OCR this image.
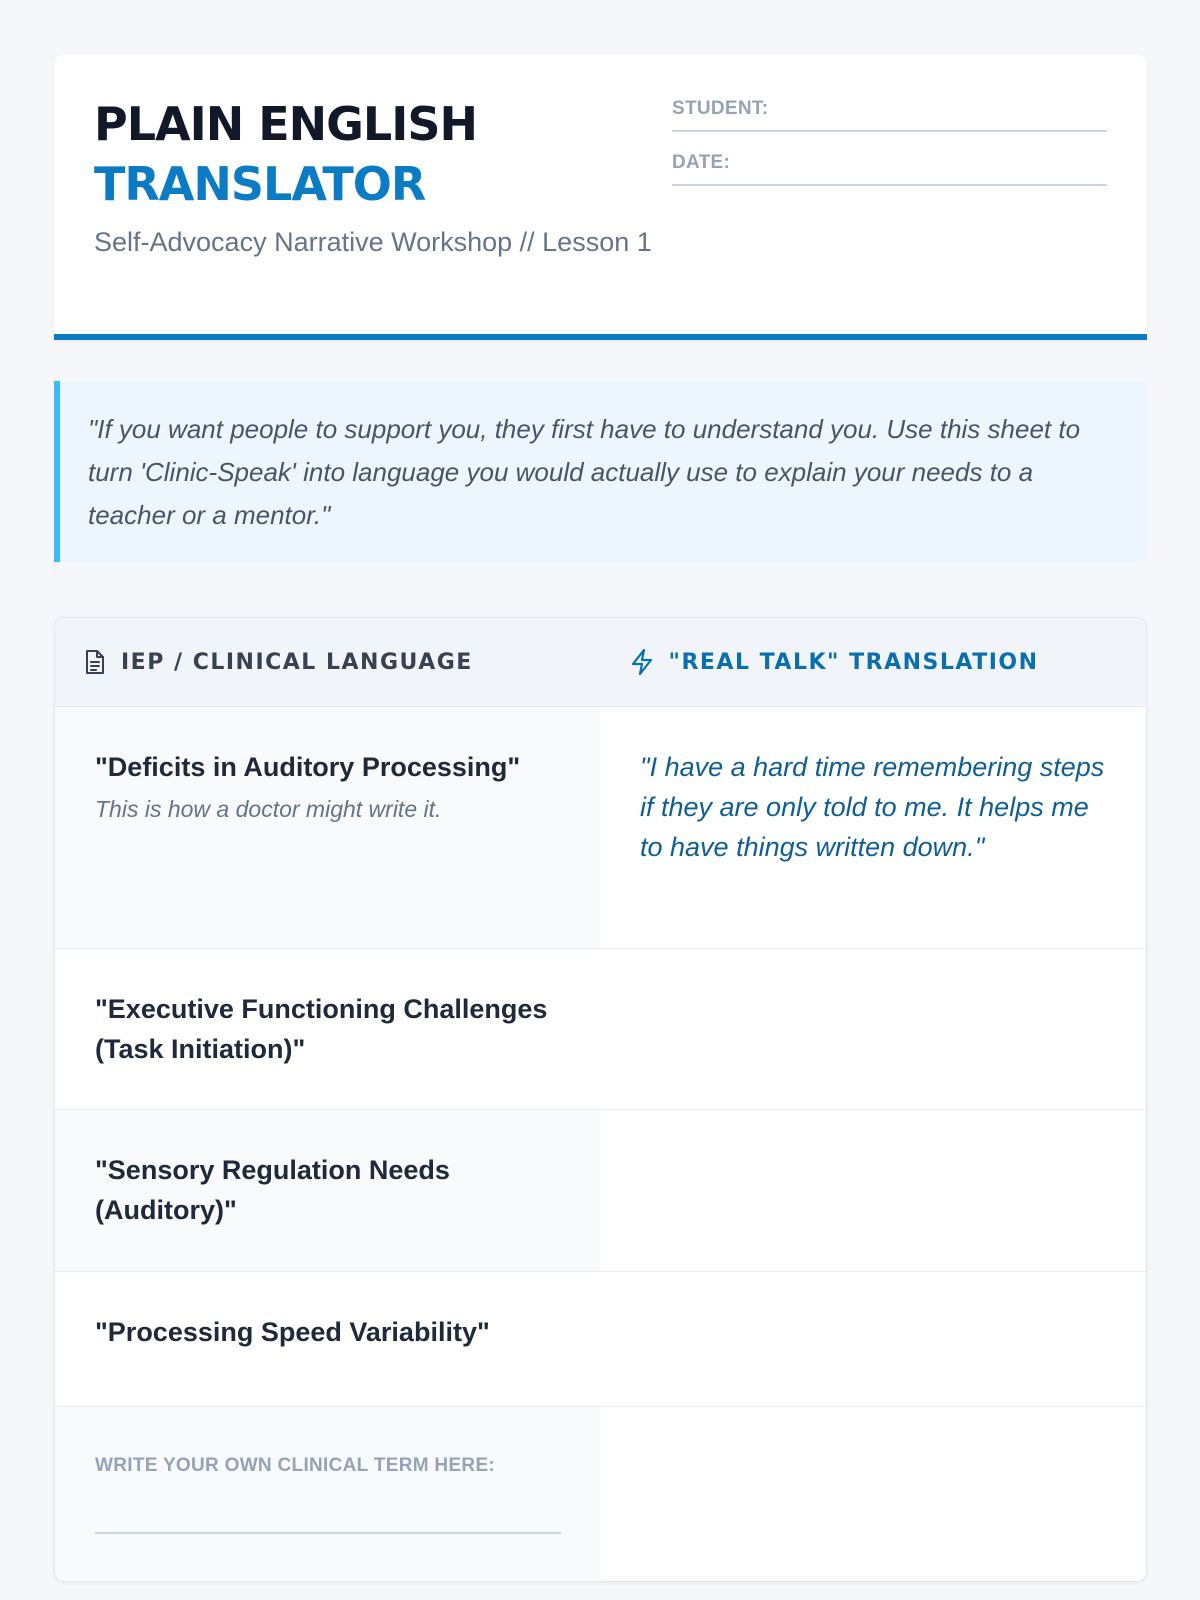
PLAIN ENGLISH
TRANSLATOR
Self-Advocacy Narrative Workshop // Lesson 1
STUDENT:
DATE:

"If you want people to support you, they first have to understand you. Use this sheet to turn 'Clinic-Speak' into language you would actually use to explain your needs to a teacher or a mentor."

IEP / CLINICAL LANGUAGE	"REAL TALK" TRANSLATION
"Deficits in Auditory Processing"
This is how a doctor might write it.
"I have a hard time remembering steps if they are only told to me. It helps me to have things written down."
"Executive Functioning Challenges (Task Initiation)"
"Sensory Regulation Needs (Auditory)"
"Processing Speed Variability"
WRITE YOUR OWN CLINICAL TERM HERE:
